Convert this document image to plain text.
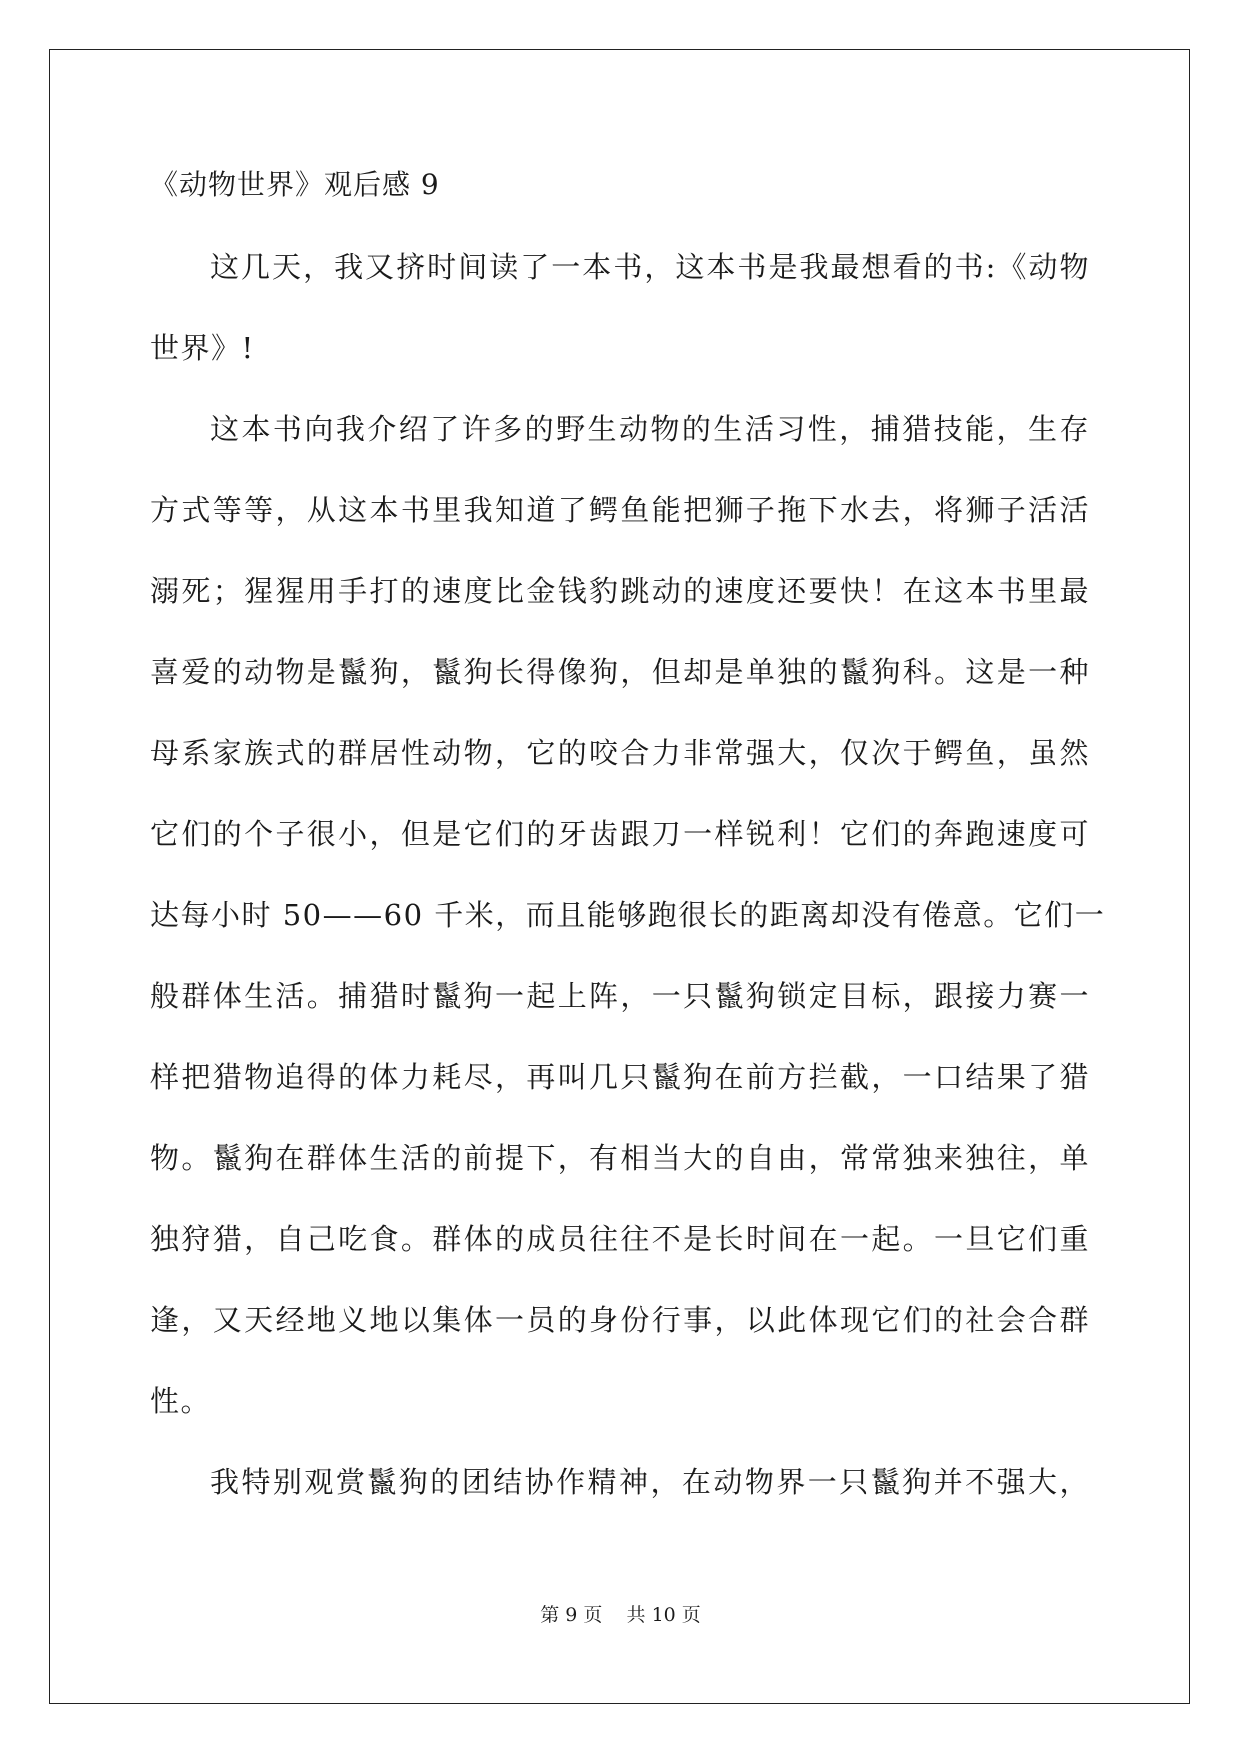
《动物世界》观后感 9
这几天，我又挤时间读了一本书，这本书是我最想看的书:《动物
世界》!
这本书向我介绍了许多的野生动物的生活习性，捕猎技能，生存
方式等等，从这本书里我知道了鳄鱼能把狮子拖下水去，将狮子活活
溺死；猩猩用手打的速度比金钱豹跳动的速度还要快！在这本书里最
喜爱的动物是鬣狗，鬣狗长得像狗，但却是单独的鬣狗科。这是一种
母系家族式的群居性动物，它的咬合力非常强大，仅次于鳄鱼，虽然
它们的个子很小，但是它们的牙齿跟刀一样锐利！它们的奔跑速度可
达每小时 50——60 千米，而且能够跑很长的距离却没有倦意。它们一
般群体生活。捕猎时鬣狗一起上阵，一只鬣狗锁定目标，跟接力赛一
样把猎物追得的体力耗尽，再叫几只鬣狗在前方拦截，一口结果了猎
物。鬣狗在群体生活的前提下，有相当大的自由，常常独来独往，单
独狩猎，自己吃食。群体的成员往往不是长时间在一起。一旦它们重
逢，又天经地义地以集体一员的身份行事，以此体现它们的社会合群
性。
我特别观赏鬣狗的团结协作精神，在动物界一只鬣狗并不强大，
第 9 页    共 10 页
